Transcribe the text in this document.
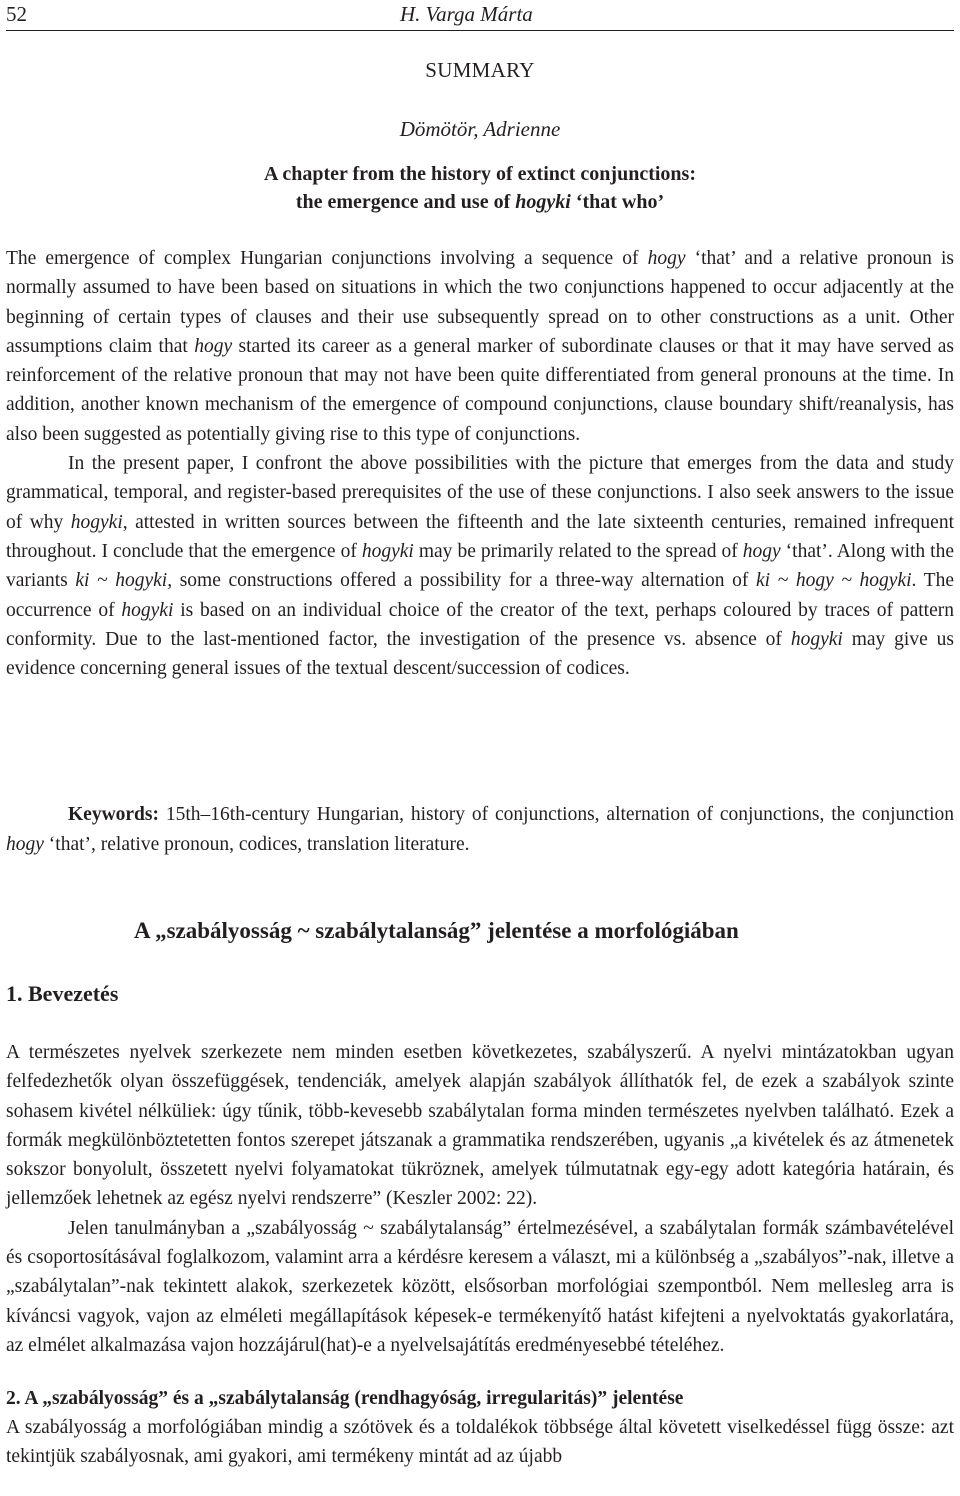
52	H. Varga Márta
SUMMARY
Dömötör, Adrienne
A chapter from the history of extinct conjunctions:
the emergence and use of hogyki ‘that who’

The emergence of complex Hungarian conjunctions involving a sequence of hogy ‘that’ and a relative pronoun is normally assumed to have been based on situations in which the two conjunctions happened to occur adjacently at the beginning of certain types of clauses and their use subsequently spread on to other constructions as a unit. Other assumptions claim that hogy started its career as a general marker of subordinate clauses or that it may have served as reinforcement of the relative pronoun that may not have been quite differentiated from general pronouns at the time. In addition, another known mechanism of the emergence of compound conjunctions, clause boundary shift/reanalysis, has also been suggested as potentially giving rise to this type of conjunctions.

In the present paper, I confront the above possibilities with the picture that emerges from the data and study grammatical, temporal, and register-based prerequisites of the use of these conjunctions. I also seek answers to the issue of why hogyki, attested in written sources between the fifteenth and the late sixteenth centuries, remained infrequent throughout. I conclude that the emergence of hogyki may be primarily related to the spread of hogy ‘that’. Along with the variants ki ~ hogyki, some constructions offered a possibility for a three-way alternation of ki ~ hogy ~ hogyki. The occurrence of hogyki is based on an individual choice of the creator of the text, perhaps coloured by traces of pattern conformity. Due to the last-mentioned factor, the investigation of the presence vs. absence of hogyki may give us evidence concerning general issues of the textual descent/succession of codices.

Keywords: 15th–16th-century Hungarian, history of conjunctions, alternation of conjunctions, the conjunction hogy ‘that’, relative pronoun, codices, translation literature.

A „szabályosság ~ szabálytalanság” jelentése a morfológiában
1. Bevezetés

A természetes nyelvek szerkezete nem minden esetben következetes, szabályszerű. A nyelvi mintázatokban ugyan felfedezhetők olyan összefüggések, tendenciák, amelyek alapján szabályok állíthatók fel, de ezek a szabályok szinte sohasem kivétel nélküliek: úgy tűnik, több-kevesebb szabálytalan forma minden természetes nyelvben található. Ezek a formák megkülönböztetetten fontos szerepet játszanak a grammatika rendszerében, ugyanis „a kivételek és az átmenetek sokszor bonyolult, összetett nyelvi folyamatokat tükröznek, amelyek túlmutatnak egy-egy adott kategória határain, és jellemzőek lehetnek az egész nyelvi rendszerre” (Keszler 2002: 22).

Jelen tanulmányban a „szabályosság ~ szabálytalanság” értelmezésével, a szabálytalan formák számbavételével és csoportosításával foglalkozom, valamint arra a kérdésre keresem a választ, mi a különbség a „szabályos”-nak, illetve a „szabálytalan”-nak tekintett alakok, szerkezetek között, elsősorban morfológiai szempontból. Nem mellesleg arra is kíváncsi vagyok, vajon az elméleti megállapítások képesek-e termékenyítő hatást kifejteni a nyelvoktatás gyakorlatára, az elmélet alkalmazása vajon hozzájárul(hat)-e a nyelvelsajátítás eredményesebbé tételéhez.

2. A „szabályosság” és a „szabálytalanság (rendhagyóság, irregularitás)” jelentése

A szabályosság a morfológiában mindig a szótövek és a toldalékok többsége által követett viselkedéssel függ össze: azt tekintjük szabályosnak, ami gyakori, ami termékeny mintát ad az újabb
